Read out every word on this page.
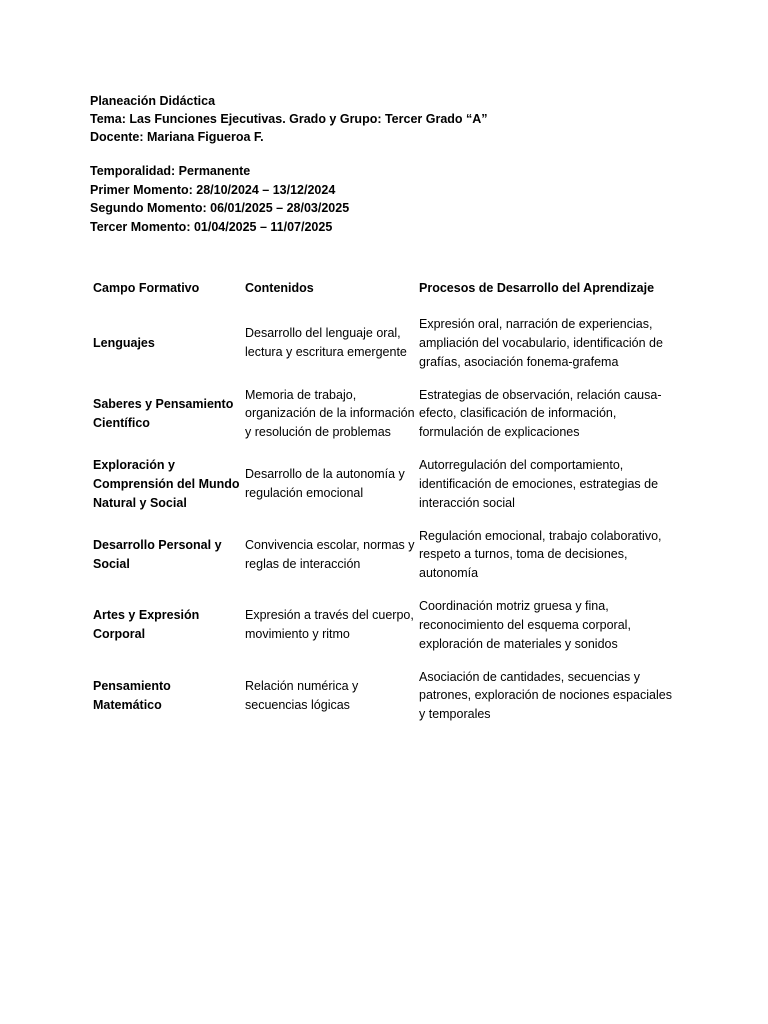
Planeación Didáctica
Tema: Las Funciones Ejecutivas. Grado y Grupo: Tercer Grado “A”
Docente: Mariana Figueroa F.
Temporalidad: Permanente
Primer Momento: 28/10/2024 – 13/12/2024
Segundo Momento: 06/01/2025 – 28/03/2025
Tercer Momento: 01/04/2025 – 11/07/2025
Campo Formativo	Contenidos	Procesos de Desarrollo del Aprendizaje
Lenguajes	Desarrollo del lenguaje oral, lectura y escritura emergente	Expresión oral, narración de experiencias, ampliación del vocabulario, identificación de grafías, asociación fonema-grafema
Saberes y Pensamiento Científico	Memoria de trabajo, organización de la información y resolución de problemas	Estrategias de observación, relación causa-efecto, clasificación de información, formulación de explicaciones
Exploración y Comprensión del Mundo Natural y Social	Desarrollo de la autonomía y regulación emocional	Autorregulación del comportamiento, identificación de emociones, estrategias de interacción social
Desarrollo Personal y Social	Convivencia escolar, normas y reglas de interacción	Regulación emocional, trabajo colaborativo, respeto a turnos, toma de decisiones, autonomía
Artes y Expresión Corporal	Expresión a través del cuerpo, movimiento y ritmo	Coordinación motriz gruesa y fina, reconocimiento del esquema corporal, exploración de materiales y sonidos
Pensamiento Matemático	Relación numérica y secuencias lógicas	Asociación de cantidades, secuencias y patrones, exploración de nociones espaciales y temporales
